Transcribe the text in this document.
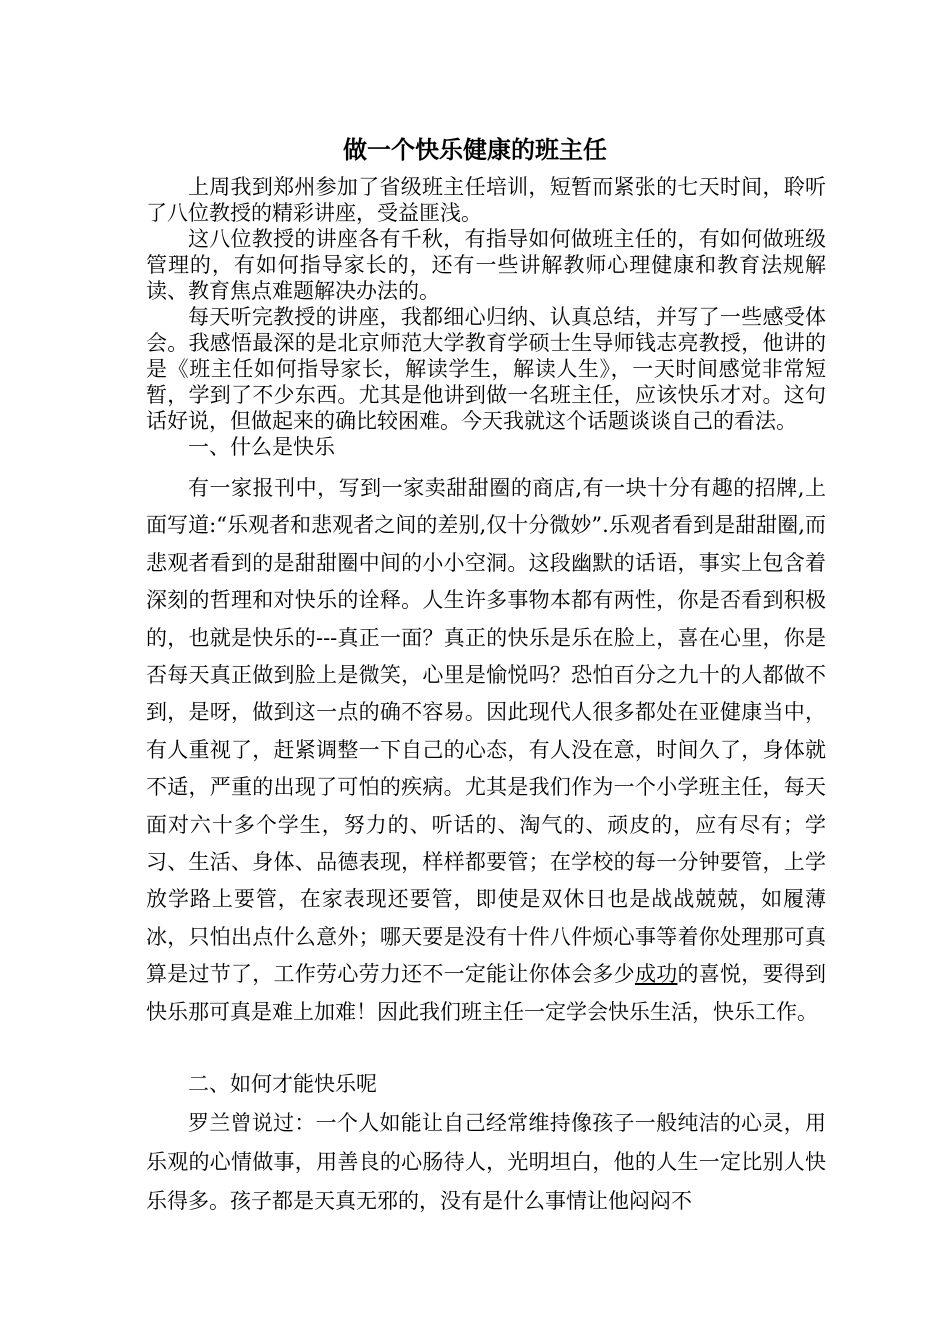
做一个快乐健康的班主任

上周我到郑州参加了省级班主任培训，短暂而紧张的七天时间，聆听了八位教授的精彩讲座，受益匪浅。

这八位教授的讲座各有千秋，有指导如何做班主任的，有如何做班级管理的，有如何指导家长的，还有一些讲解教师心理健康和教育法规解读、教育焦点难题解决办法的。

每天听完教授的讲座，我都细心归纳、认真总结，并写了一些感受体会。我感悟最深的是北京师范大学教育学硕士生导师钱志亮教授，他讲的是《班主任如何指导家长，解读学生，解读人生》，一天时间感觉非常短暂，学到了不少东西。尤其是他讲到做一名班主任，应该快乐才对。这句话好说，但做起来的确比较困难。今天我就这个话题谈谈自己的看法。

一、什么是快乐

有一家报刊中，写到一家卖甜甜圈的商店,有一块十分有趣的招牌,上面写道:“乐观者和悲观者之间的差别,仅十分微妙”.乐观者看到是甜甜圈,而悲观者看到的是甜甜圈中间的小小空洞。这段幽默的话语，事实上包含着深刻的哲理和对快乐的诠释。人生许多事物本都有两性，你是否看到积极的，也就是快乐的---真正一面？真正的快乐是乐在脸上，喜在心里，你是否每天真正做到脸上是微笑，心里是愉悦吗？恐怕百分之九十的人都做不到，是呀，做到这一点的确不容易。因此现代人很多都处在亚健康当中，有人重视了，赶紧调整一下自己的心态，有人没在意，时间久了，身体就不适，严重的出现了可怕的疾病。尤其是我们作为一个小学班主任，每天面对六十多个学生，努力的、听话的、淘气的、顽皮的，应有尽有；学习、生活、身体、品德表现，样样都要管；在学校的每一分钟要管，上学放学路上要管，在家表现还要管，即使是双休日也是战战兢兢，如履薄冰，只怕出点什么意外；哪天要是没有十件八件烦心事等着你处理那可真算是过节了，工作劳心劳力还不一定能让你体会多少成功的喜悦，要得到快乐那可真是难上加难！因此我们班主任一定学会快乐生活，快乐工作。

二、如何才能快乐呢

罗兰曾说过：一个人如能让自己经常维持像孩子一般纯洁的心灵，用乐观的心情做事，用善良的心肠待人，光明坦白，他的人生一定比别人快乐得多。孩子都是天真无邪的，没有是什么事情让他闷闷不
